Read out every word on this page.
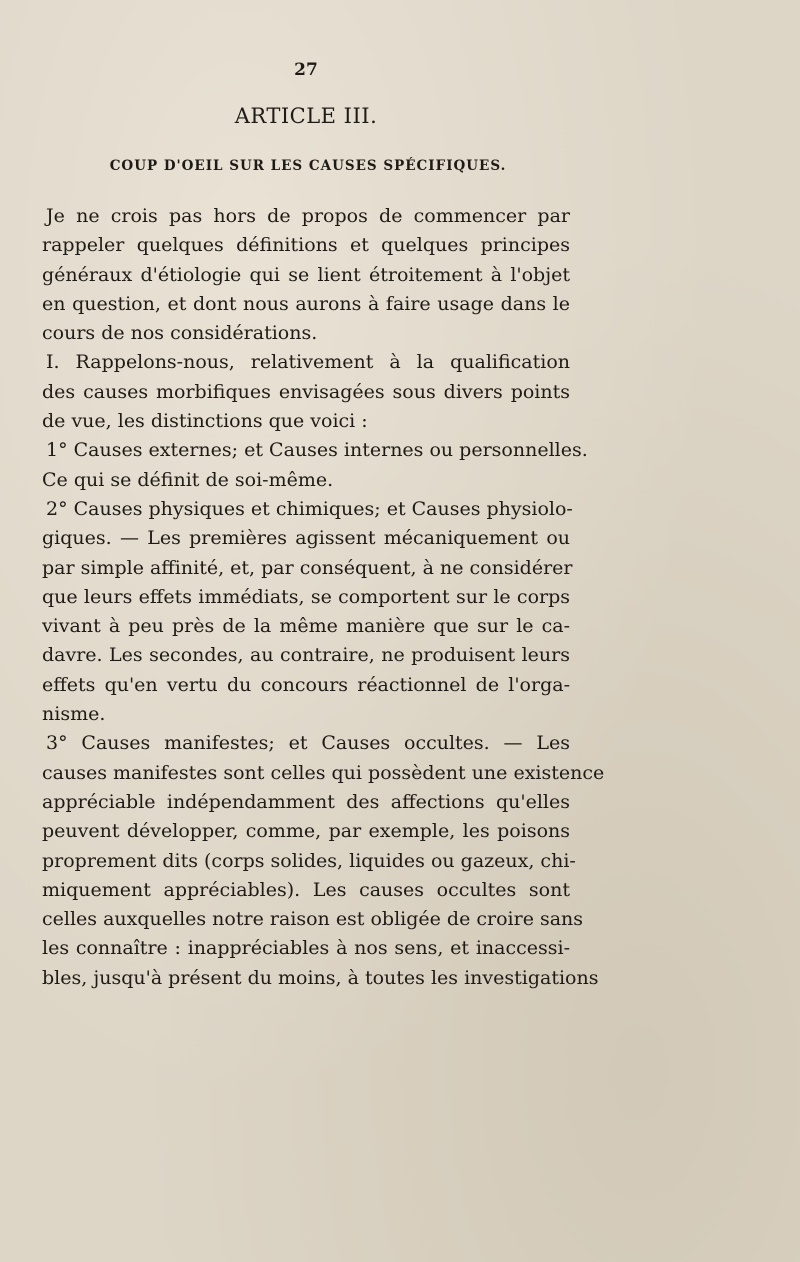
27
ARTICLE III.
COUP D'OEIL SUR LES CAUSES SPÉCIFIQUES.
Je ne crois pas hors de propos de commencer par
rappeler quelques définitions et quelques principes
généraux d'étiologie qui se lient étroitement à l'objet
en question, et dont nous aurons à faire usage dans le
cours de nos considérations.
I. Rappelons-nous, relativement à la qualification
des causes morbifiques envisagées sous divers points
de vue, les distinctions que voici :
1° Causes externes; et Causes internes ou personnelles.
Ce qui se définit de soi-même.
2° Causes physiques et chimiques; et Causes physiolo-
giques. — Les premières agissent mécaniquement ou
par simple affinité, et, par conséquent, à ne considérer
que leurs effets immédiats, se comportent sur le corps
vivant à peu près de la même manière que sur le ca-
davre. Les secondes, au contraire, ne produisent leurs
effets qu'en vertu du concours réactionnel de l'orga-
nisme.
3° Causes manifestes; et Causes occultes. — Les
causes manifestes sont celles qui possèdent une existence
appréciable indépendamment des affections qu'elles
peuvent développer, comme, par exemple, les poisons
proprement dits (corps solides, liquides ou gazeux, chi-
miquement appréciables). Les causes occultes sont
celles auxquelles notre raison est obligée de croire sans
les connaître : inappréciables à nos sens, et inaccessi-
bles, jusqu'à présent du moins, à toutes les investigations
